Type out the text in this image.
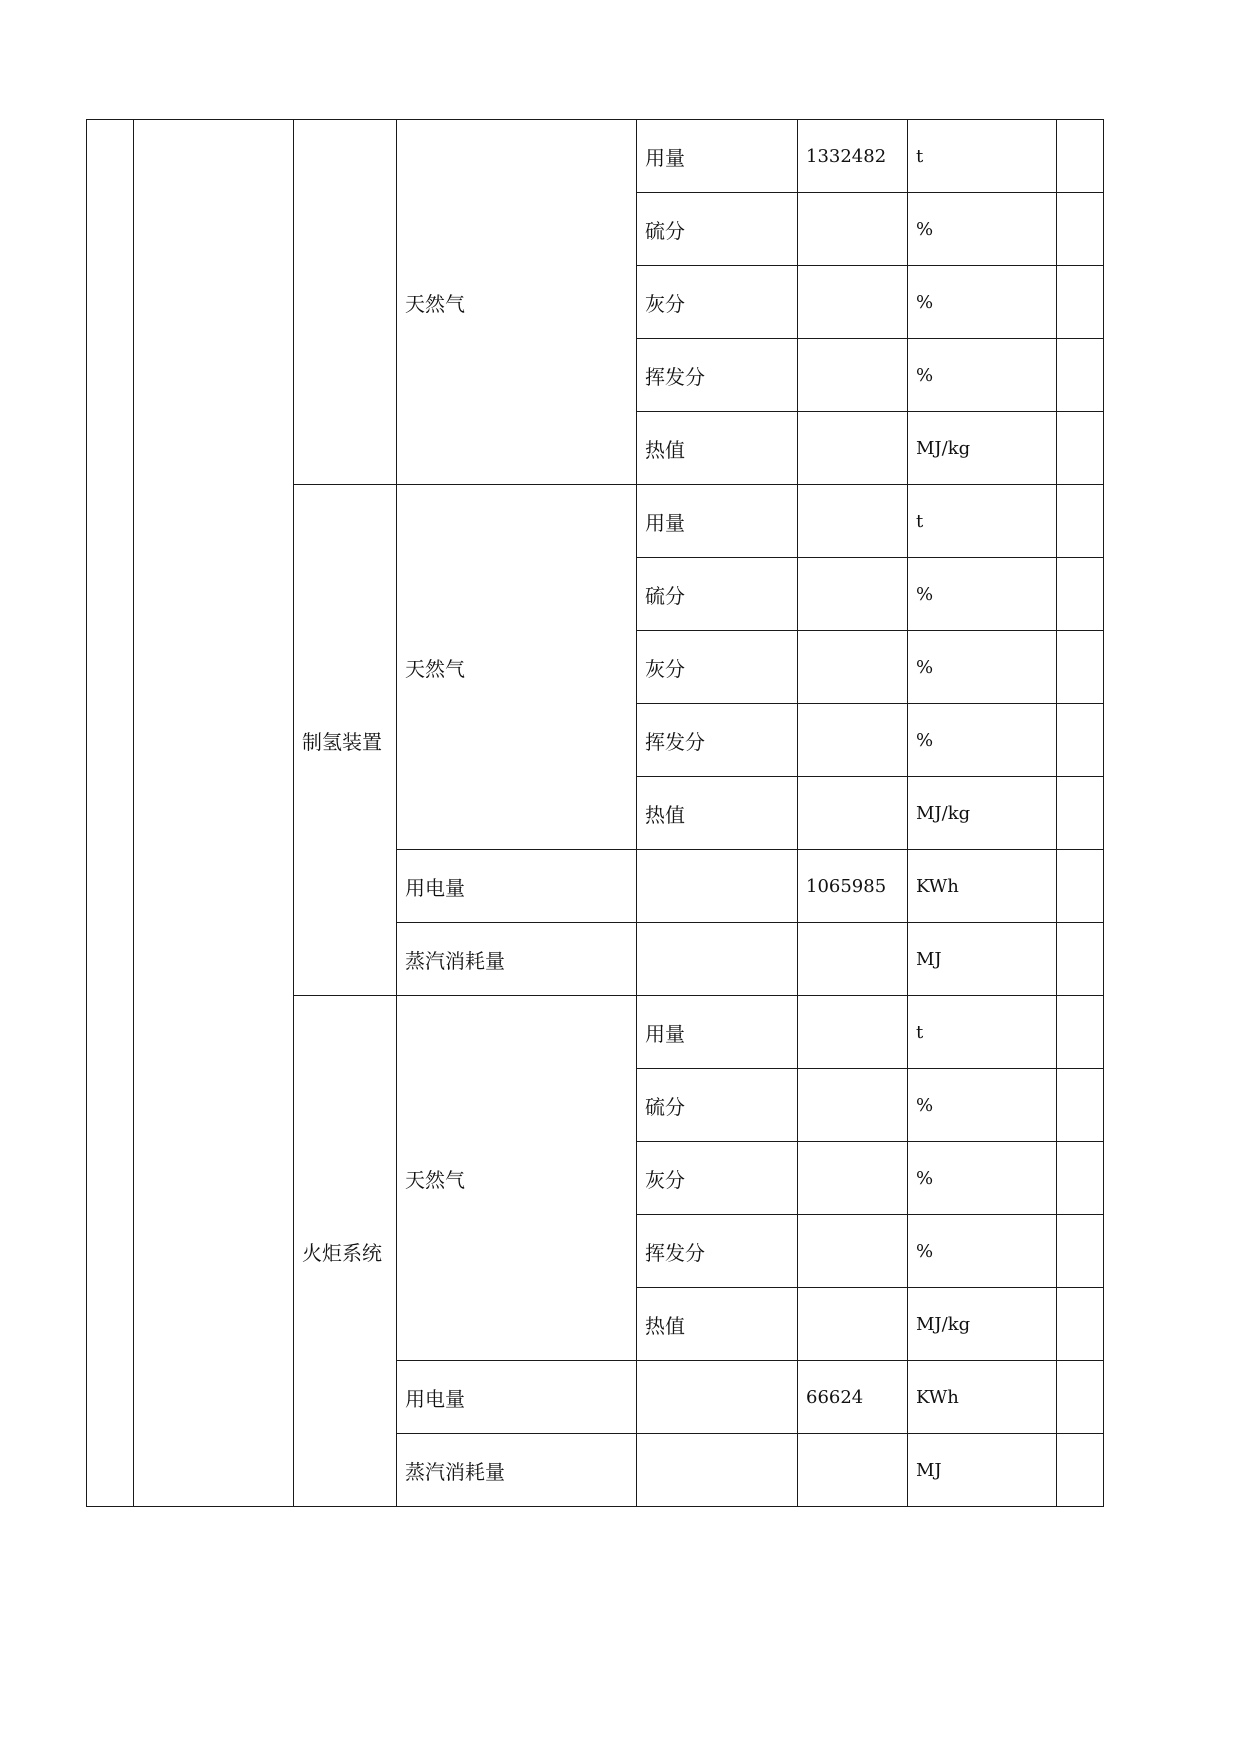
			天然气	用量	1332482	t	
				硫分		%	
				灰分		%	
				挥发分		%	
				热值		MJ/kg	
		制氢装置	天然气	用量		t	
				硫分		%	
				灰分		%	
				挥发分		%	
				热值		MJ/kg	
			用电量		1065985	KWh	
			蒸汽消耗量			MJ	
		火炬系统	天然气	用量		t	
				硫分		%	
				灰分		%	
				挥发分		%	
				热值		MJ/kg	
			用电量		66624	KWh	
			蒸汽消耗量			MJ	
